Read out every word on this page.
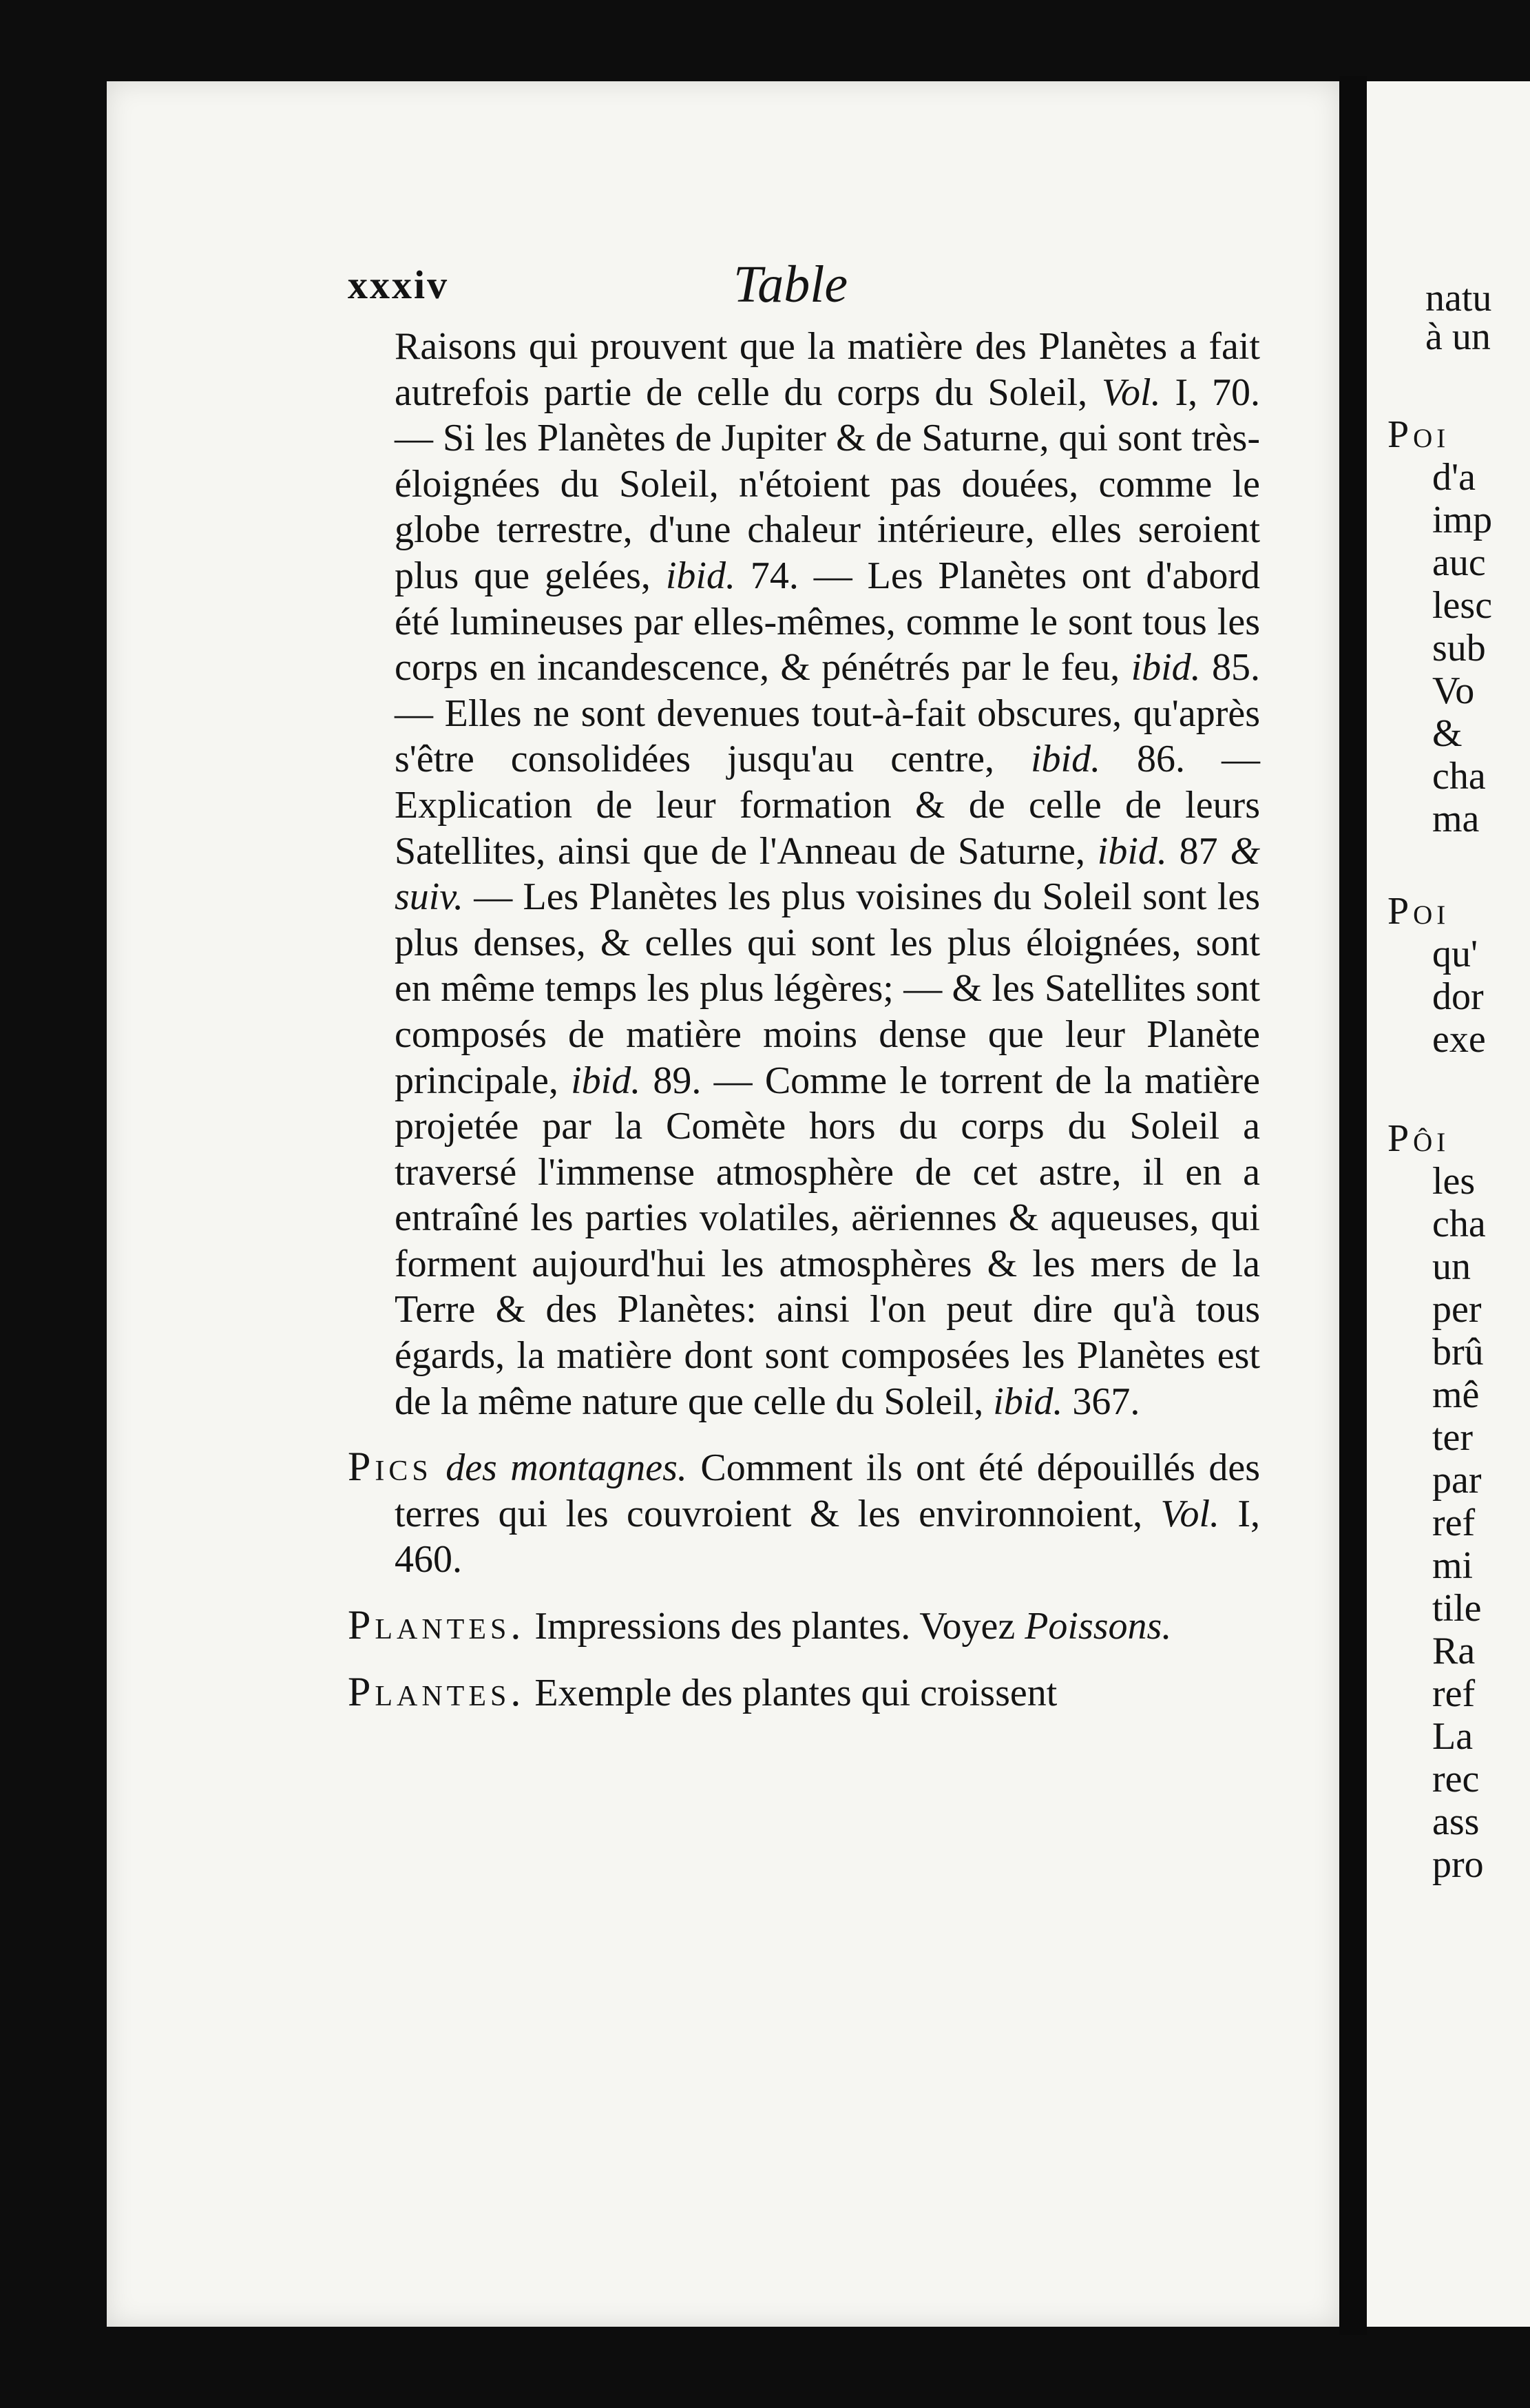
xxxiv	Table

Raisons qui prouvent que la matière des Planètes a fait autrefois partie de celle du corps du Soleil, Vol. I, 70. — Si les Planètes de Jupiter & de Saturne, qui sont très-éloignées du Soleil, n'étoient pas douées, comme le globe terrestre, d'une chaleur intérieure, elles seroient plus que gelées, ibid. 74. — Les Planètes ont d'abord été lumineuses par elles-mêmes, comme le sont tous les corps en incandescence, & pénétrés par le feu, ibid. 85. — Elles ne sont devenues tout-à-fait obscures, qu'après s'être consolidées jusqu'au centre, ibid. 86. — Explication de leur formation & de celle de leurs Satellites, ainsi que de l'Anneau de Saturne, ibid. 87 & suiv. — Les Planètes les plus voisines du Soleil sont les plus denses, & celles qui sont les plus éloignées, sont en même temps les plus légères; — & les Satellites sont composés de matière moins dense que leur Planète principale, ibid. 89. — Comme le torrent de la matière projetée par la Comète hors du corps du Soleil a traversé l'immense atmosphère de cet astre, il en a entraîné les parties volatiles, aëriennes & aqueuses, qui forment aujourd'hui les atmosphères & les mers de la Terre & des Planètes: ainsi l'on peut dire qu'à tous égards, la matière dont sont composées les Planètes est de la même nature que celle du Soleil, ibid. 367.

Pics des montagnes. Comment ils ont été dépouillés des terres qui les couvroient & les environnoient, Vol. I, 460.

Plantes. Impressions des plantes. Voyez Poissons.

Plantes. Exemple des plantes qui croissent

natu
à un
Poi
d'a
imp
auc
lesc
sub
Vo
&
cha
ma
Poi
qu'
dor
exe
Pôi
les
cha
un
per
brû
mê
ter
par
ref
mi
tile
Ra
ref
La
rec
ass
pro
